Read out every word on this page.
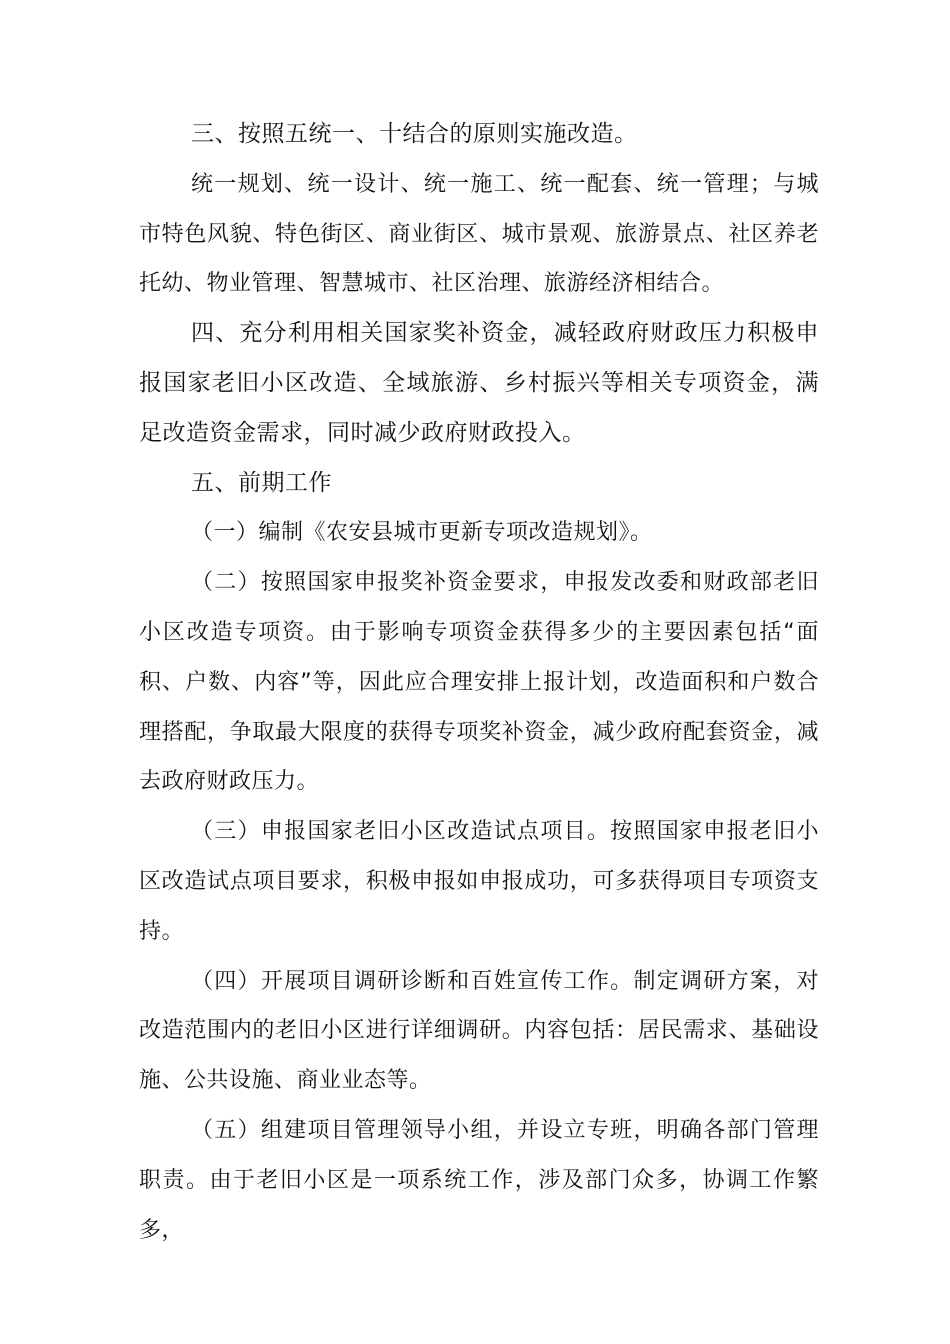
三、按照五统一、十结合的原则实施改造。

统一规划、统一设计、统一施工、统一配套、统一管理；与城市特色风貌、特色街区、商业街区、城市景观、旅游景点、社区养老托幼、物业管理、智慧城市、社区治理、旅游经济相结合。

四、充分利用相关国家奖补资金，减轻政府财政压力积极申报国家老旧小区改造、全域旅游、乡村振兴等相关专项资金，满足改造资金需求，同时减少政府财政投入。

五、前期工作

（一）编制《农安县城市更新专项改造规划》。

（二）按照国家申报奖补资金要求，申报发改委和财政部老旧小区改造专项资。由于影响专项资金获得多少的主要因素包括“面积、户数、内容”等，因此应合理安排上报计划，改造面积和户数合理搭配，争取最大限度的获得专项奖补资金，减少政府配套资金，减去政府财政压力。

（三）申报国家老旧小区改造试点项目。按照国家申报老旧小区改造试点项目要求，积极申报如申报成功，可多获得项目专项资支持。

（四）开展项目调研诊断和百姓宣传工作。制定调研方案，对改造范围内的老旧小区进行详细调研。内容包括：居民需求、基础设施、公共设施、商业业态等。

（五）组建项目管理领导小组，并设立专班，明确各部门管理职责。由于老旧小区是一项系统工作，涉及部门众多，协调工作繁多，
